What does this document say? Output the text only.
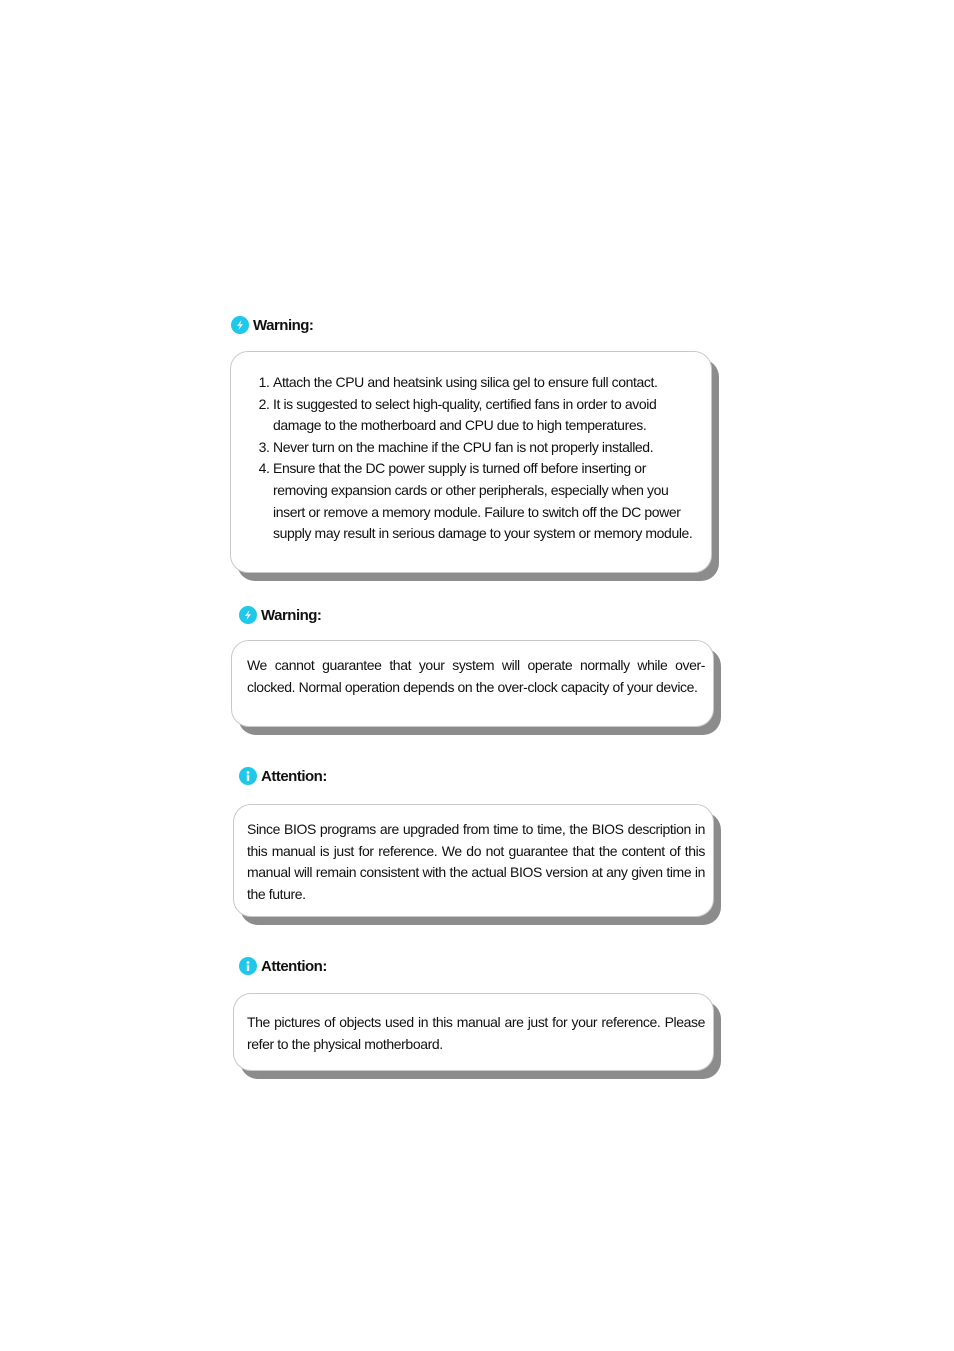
Warning:
1. Attach the CPU and heatsink using silica gel to ensure full contact.
2. It is suggested to select high-quality, certified fans in order to avoid damage to the motherboard and CPU due to high temperatures.
3. Never turn on the machine if the CPU fan is not properly installed.
4. Ensure that the DC power supply is turned off before inserting or removing expansion cards or other peripherals, especially when you insert or remove a memory module. Failure to switch off the DC power supply may result in serious damage to your system or memory module.
Warning:

We cannot guarantee that your system will operate normally while over-clocked. Normal operation depends on the over-clock capacity of your device.

Attention:

Since BIOS programs are upgraded from time to time, the BIOS description in this manual is just for reference. We do not guarantee that the content of this manual will remain consistent with the actual BIOS version at any given time in the future.

Attention:

The pictures of objects used in this manual are just for your reference. Please refer to the physical motherboard.
